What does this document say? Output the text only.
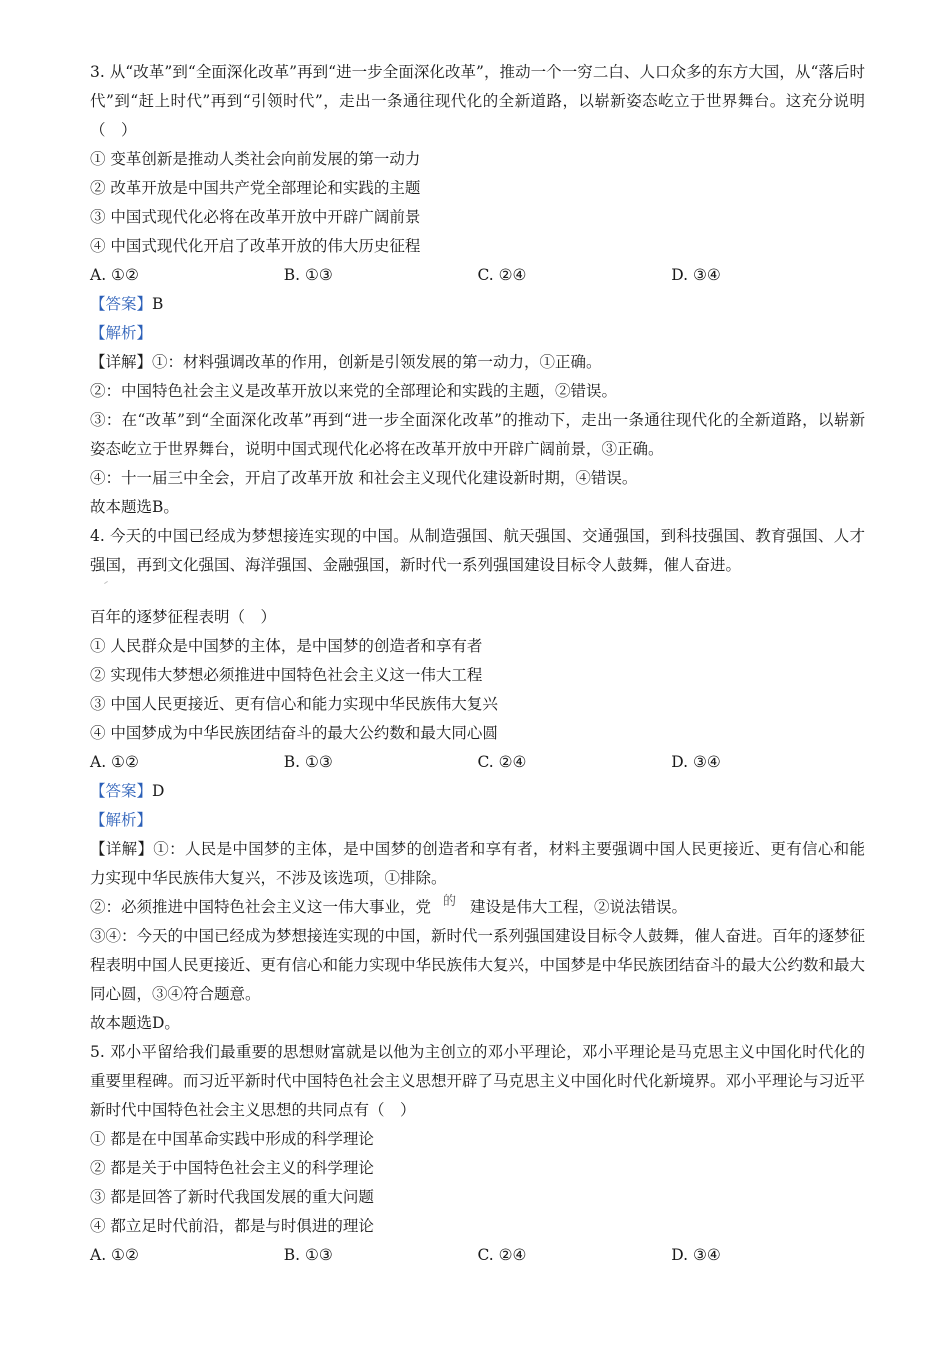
3. 从“改革”到“全面深化改革”再到“进一步全面深化改革”，推动一个一穷二白、人口众多的东方大国，从“落后时代”到“赶上时代”再到“引领时代”，走出一条通往现代化的全新道路，以崭新姿态屹立于世界舞台。这充分说明（　）
① 变革创新是推动人类社会向前发展的第一动力
② 改革开放是中国共产党全部理论和实践的主题
③ 中国式现代化必将在改革开放中开辟广阔前景
④ 中国式现代化开启了改革开放的伟大历史征程
A. ①②	B. ①③	C. ②④	D. ③④
【答案】B
【解析】
【详解】①：材料强调改革的作用，创新是引领发展的第一动力，①正确。
②：中国特色社会主义是改革开放以来党的全部理论和实践的主题，②错误。
③：在“改革”到“全面深化改革”再到“进一步全面深化改革”的推动下，走出一条通往现代化的全新道路，以崭新姿态屹立于世界舞台，说明中国式现代化必将在改革开放中开辟广阔前景，③正确。
④：十一届三中全会，开启了改革开放 和社会主义现代化建设新时期，④错误。
故本题选B。
4. 今天的中国已经成为梦想接连实现的中国。从制造强国、航天强国、交通强国，到科技强国、教育强国、人才强国，再到文化强国、海洋强国、金融强国，新时代一系列强国建设目标令人鼓舞，催人奋进。
百年的逐梦征程表明（　）
① 人民群众是中国梦的主体，是中国梦的创造者和享有者
② 实现伟大梦想必须推进中国特色社会主义这一伟大工程
③ 中国人民更接近、更有信心和能力实现中华民族伟大复兴
④ 中国梦成为中华民族团结奋斗的最大公约数和最大同心圆
A. ①②	B. ①③	C. ②④	D. ③④
【答案】D
【解析】
【详解】①：人民是中国梦的主体，是中国梦的创造者和享有者，材料主要强调中国人民更接近、更有信心和能力实现中华民族伟大复兴，不涉及该选项，①排除。
②：必须推进中国特色社会主义这一伟大事业，党 的 建设是伟大工程，②说法错误。
③④：今天的中国已经成为梦想接连实现的中国，新时代一系列强国建设目标令人鼓舞，催人奋进。百年的逐梦征程表明中国人民更接近、更有信心和能力实现中华民族伟大复兴，中国梦是中华民族团结奋斗的最大公约数和最大同心圆，③④符合题意。
故本题选D。
5. 邓小平留给我们最重要的思想财富就是以他为主创立的邓小平理论，邓小平理论是马克思主义中国化时代化的重要里程碑。而习近平新时代中国特色社会主义思想开辟了马克思主义中国化时代化新境界。邓小平理论与习近平新时代中国特色社会主义思想的共同点有（　）
① 都是在中国革命实践中形成的科学理论
② 都是关于中国特色社会主义的科学理论
③ 都是回答了新时代我国发展的重大问题
④ 都立足时代前沿，都是与时俱进的理论
A. ①②	B. ①③	C. ②④	D. ③④
